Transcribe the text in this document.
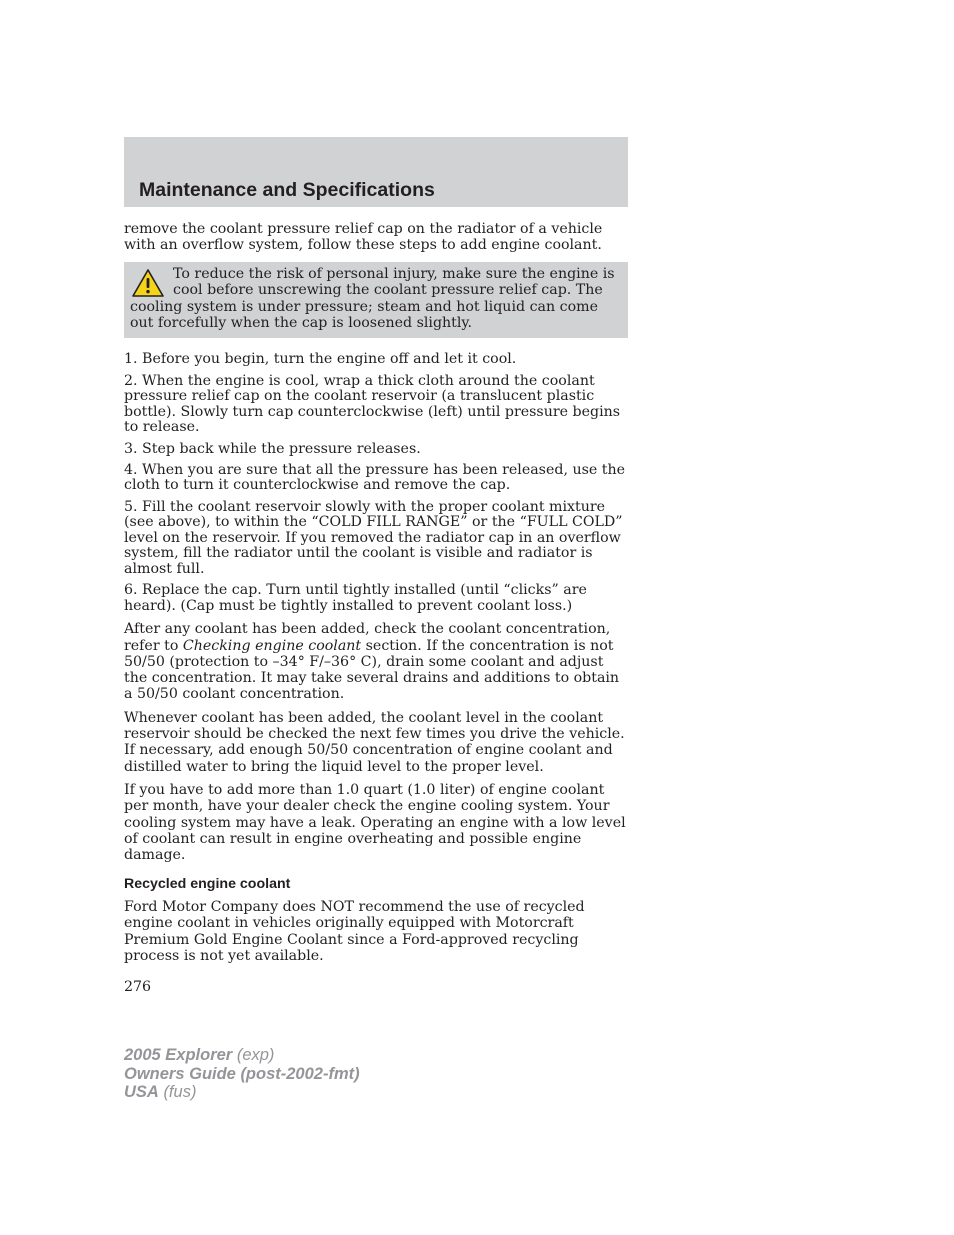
Maintenance and Specifications

remove the coolant pressure relief cap on the radiator of a vehicle with an overflow system, follow these steps to add engine coolant.

To reduce the risk of personal injury, make sure the engine is cool before unscrewing the coolant pressure relief cap. The cooling system is under pressure; steam and hot liquid can come out forcefully when the cap is loosened slightly.

1. Before you begin, turn the engine off and let it cool.

2. When the engine is cool, wrap a thick cloth around the coolant pressure relief cap on the coolant reservoir (a translucent plastic bottle). Slowly turn cap counterclockwise (left) until pressure begins to release.

3. Step back while the pressure releases.

4. When you are sure that all the pressure has been released, use the cloth to turn it counterclockwise and remove the cap.

5. Fill the coolant reservoir slowly with the proper coolant mixture (see above), to within the “COLD FILL RANGE” or the “FULL COLD” level on the reservoir. If you removed the radiator cap in an overflow system, fill the radiator until the coolant is visible and radiator is almost full.

6. Replace the cap. Turn until tightly installed (until “clicks” are heard). (Cap must be tightly installed to prevent coolant loss.)

After any coolant has been added, check the coolant concentration, refer to Checking engine coolant section. If the concentration is not 50/50 (protection to –34° F/–36° C), drain some coolant and adjust the concentration. It may take several drains and additions to obtain a 50/50 coolant concentration.

Whenever coolant has been added, the coolant level in the coolant reservoir should be checked the next few times you drive the vehicle. If necessary, add enough 50/50 concentration of engine coolant and distilled water to bring the liquid level to the proper level.

If you have to add more than 1.0 quart (1.0 liter) of engine coolant per month, have your dealer check the engine cooling system. Your cooling system may have a leak. Operating an engine with a low level of coolant can result in engine overheating and possible engine damage.

Recycled engine coolant

Ford Motor Company does NOT recommend the use of recycled engine coolant in vehicles originally equipped with Motorcraft Premium Gold Engine Coolant since a Ford-approved recycling process is not yet available.

276

2005 Explorer (exp)
Owners Guide (post-2002-fmt)
USA (fus)
